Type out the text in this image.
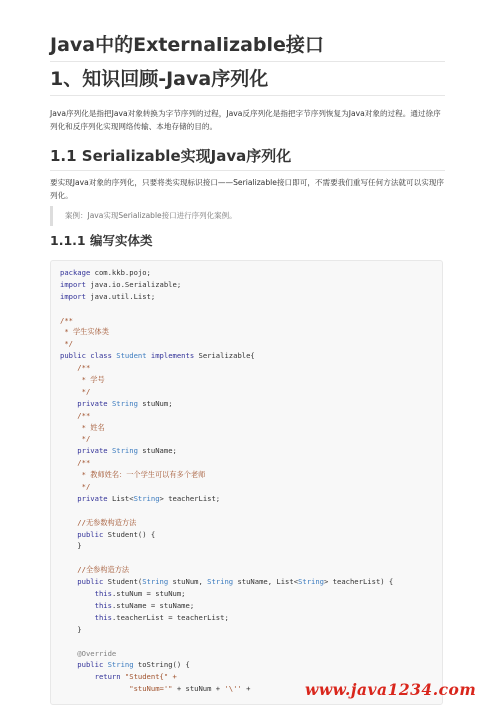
Java中的Externalizable接口
1、知识回顾-Java序列化
Java序列化是指把Java对象转换为字节序列的过程，Java反序列化是指把字节序列恢复为Java对象的过程。通过徐序列化和反序列化实现网络传输、本地存储的目的。
1.1 Serializable实现Java序列化
要实现Java对象的序列化，只要将类实现标识接口——Serializable接口即可，不需要我们重写任何方法就可以实现序列化。
案例：Java实现Serializable接口进行序列化案例。
1.1.1 编写实体类
package com.kkb.pojo;
import java.io.Serializable;
import java.util.List;

/**
* 学生实体类
*/
public class Student implements Serializable{
/**
* 学号
*/
private String stuNum;
/**
* 姓名
*/
private String stuName;
/**
* 教师姓名：一个学生可以有多个老师
*/
private List<String> teacherList;

//无参数构造方法
public Student() {
}

//全参构造方法
public Student(String stuNum, String stuName, List<String> teacherList) {
this.stuNum = stuNum;
this.stuName = stuName;
this.teacherList = teacherList;
}

@Override
public String toString() {
return "Student{" +
"stuNum='" + stuNum + '\'' +	www.java1234.com
